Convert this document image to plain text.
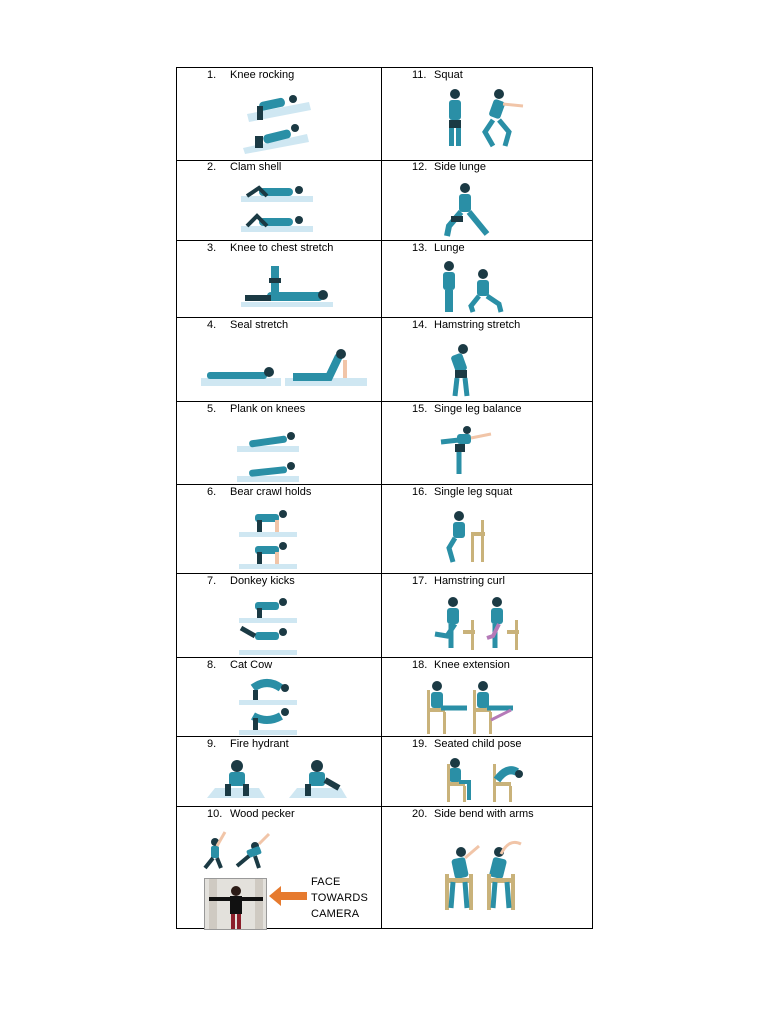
1. Knee rocking
2. Clam shell
3. Knee to chest stretch
4. Seal stretch
5. Plank on knees
6. Bear crawl holds
7. Donkey kicks
8. Cat Cow
9. Fire hydrant
10. Wood pecker
11. Squat
12. Side lunge
13. Lunge
14. Hamstring stretch
15. Singe leg balance
16. Single leg squat
17. Hamstring curl
18. Knee extension
19. Seated child pose
20. Side bend with arms
FACE
TOWARDS
CAMERA
